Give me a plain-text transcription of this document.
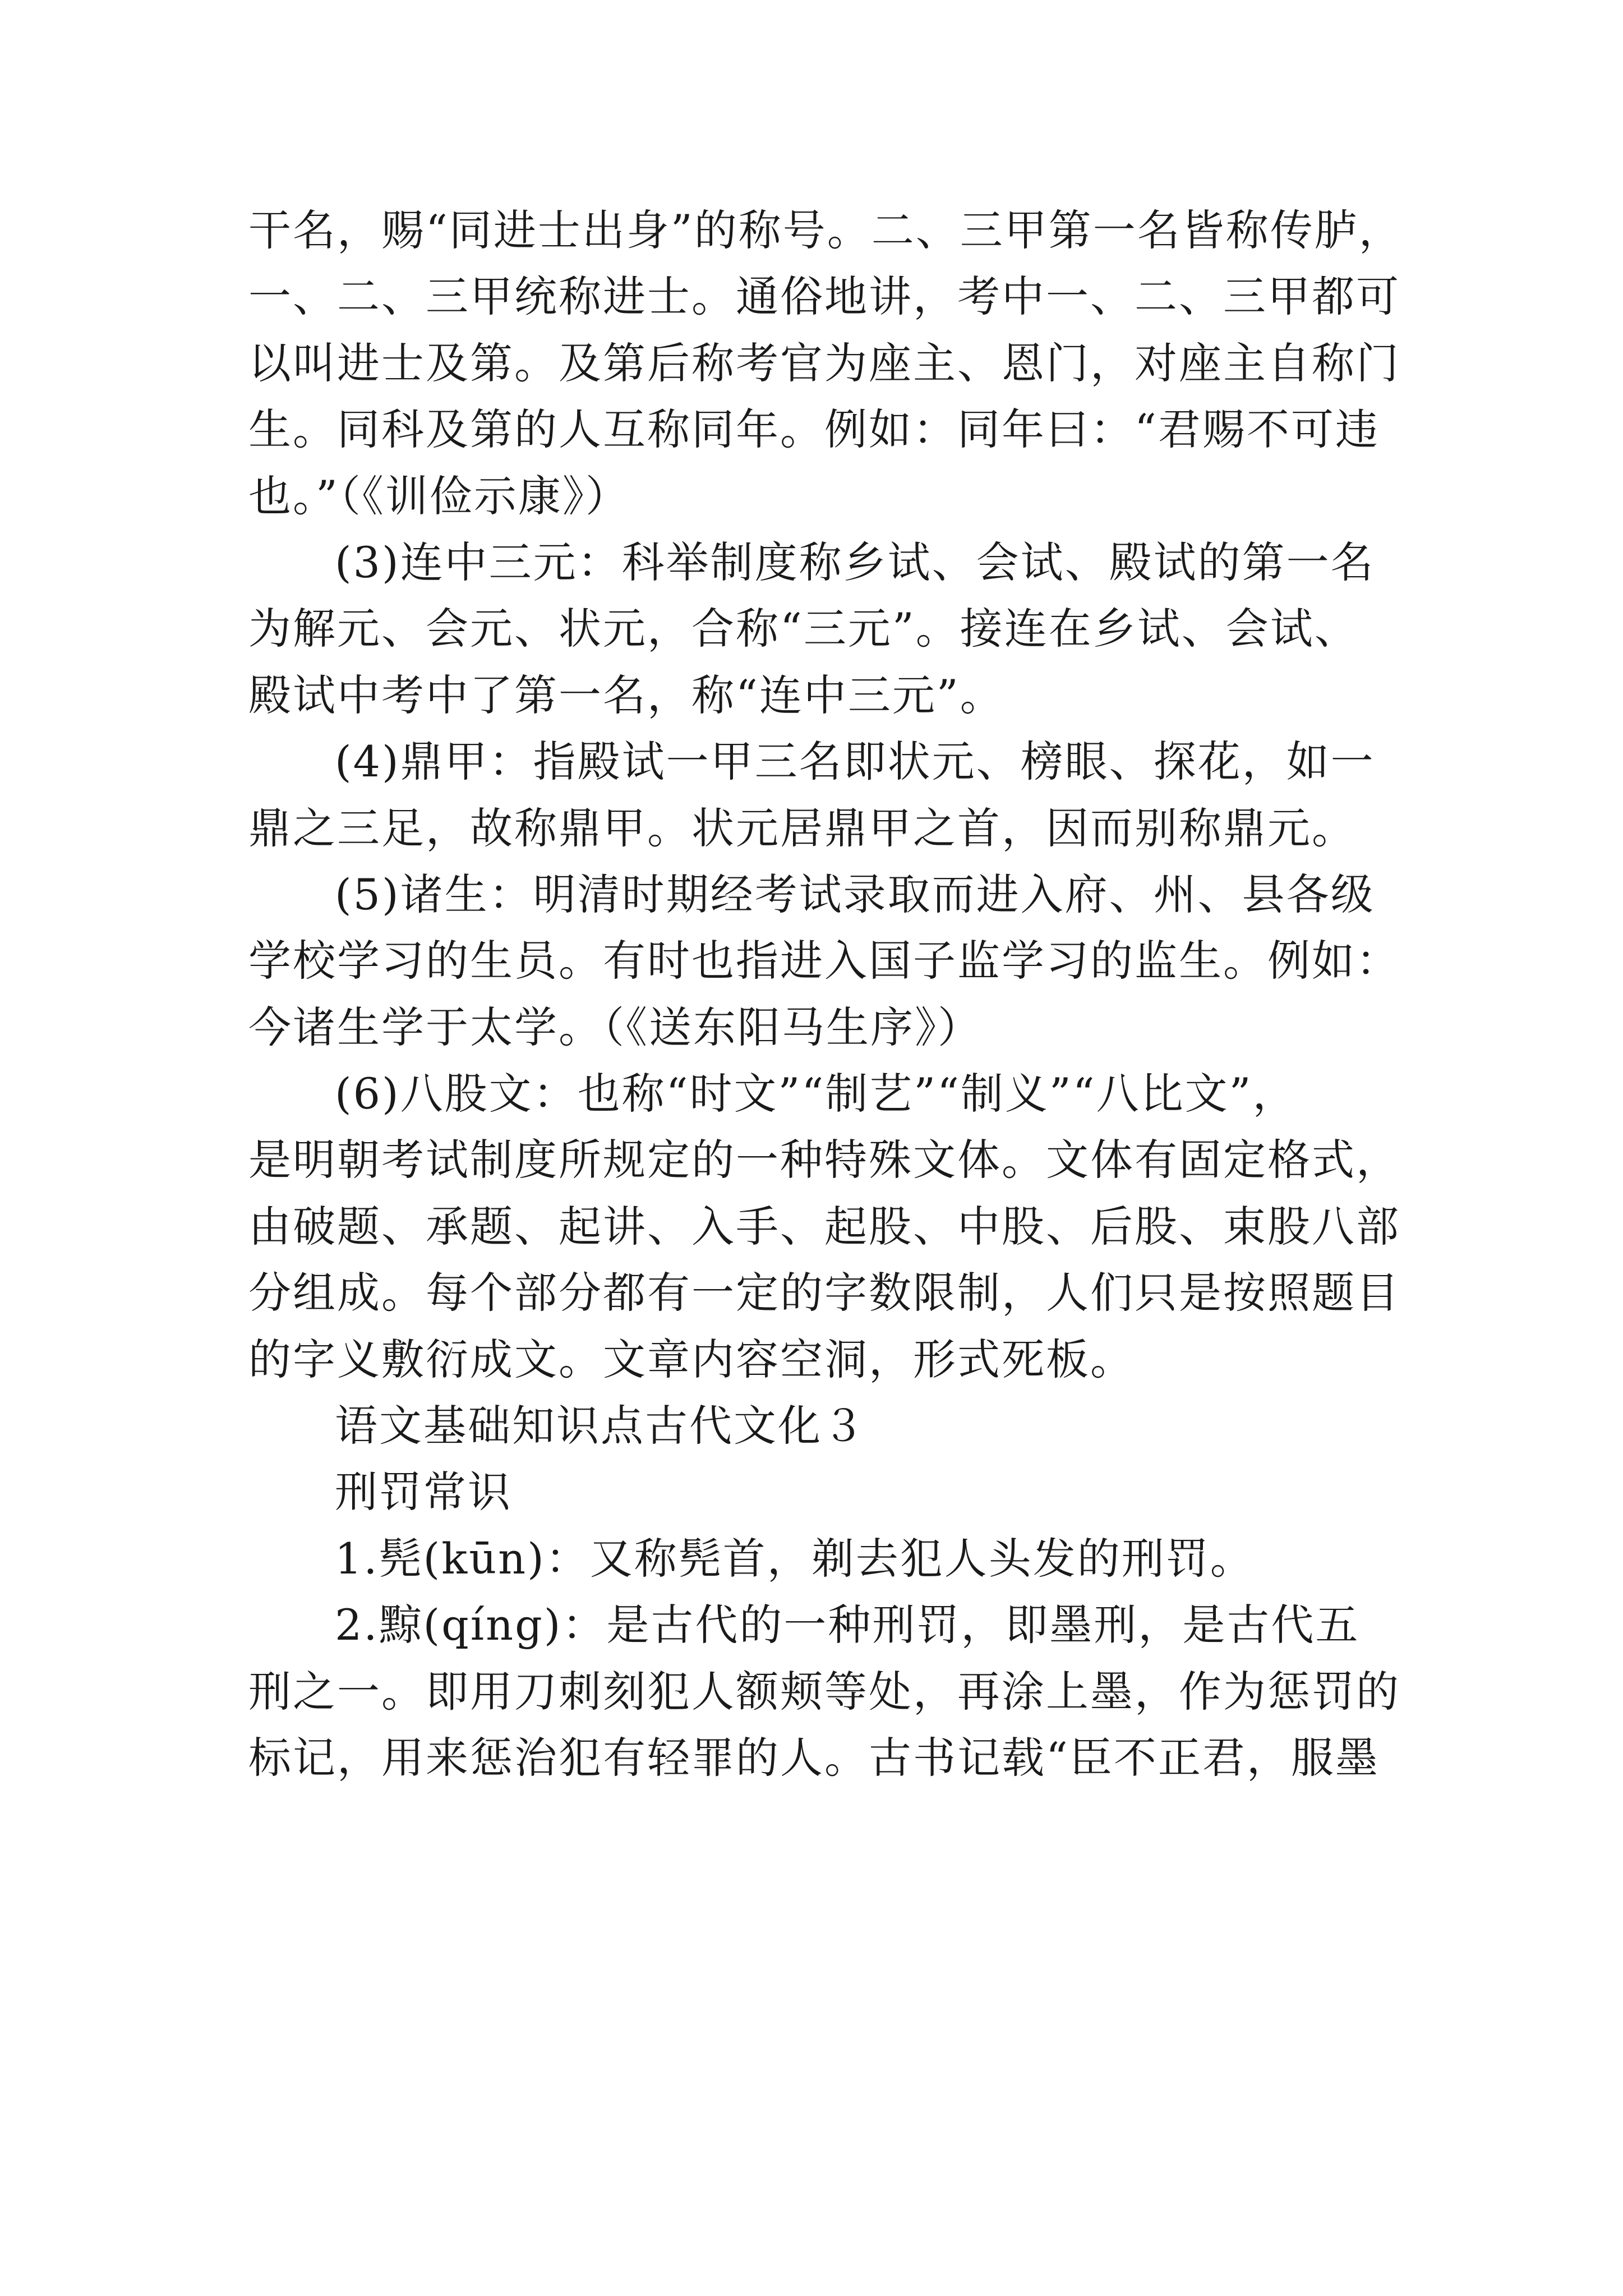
干名，赐“同进士出身”的称号。二、三甲第一名皆称传胪，
一、二、三甲统称进士。通俗地讲，考中一、二、三甲都可
以叫进士及第。及第后称考官为座主、恩门，对座主自称门
生。同科及第的人互称同年。例如：同年曰：“君赐不可违
也。”（《训俭示康》）
(3)连中三元：科举制度称乡试、会试、殿试的第一名
为解元、会元、状元，合称“三元”。接连在乡试、会试、
殿试中考中了第一名，称“连中三元”。
(4)鼎甲：指殿试一甲三名即状元、榜眼、探花，如一
鼎之三足，故称鼎甲。状元居鼎甲之首，因而别称鼎元。
(5)诸生：明清时期经考试录取而进入府、州、县各级
学校学习的生员。有时也指进入国子监学习的监生。例如：
今诸生学于太学。（《送东阳马生序》）
(6)八股文：也称“时文”“制艺”“制义”“八比文”，
是明朝考试制度所规定的一种特殊文体。文体有固定格式，
由破题、承题、起讲、入手、起股、中股、后股、束股八部
分组成。每个部分都有一定的字数限制，人们只是按照题目
的字义敷衍成文。文章内容空洞，形式死板。
语文基础知识点古代文化３
刑罚常识
1.髡(kūn)：又称髡首，剃去犯人头发的刑罚。
2.黥(qíng)：是古代的一种刑罚，即墨刑，是古代五
刑之一。即用刀刺刻犯人额颊等处，再涂上墨，作为惩罚的
标记，用来惩治犯有轻罪的人。古书记载“臣不正君，服墨
